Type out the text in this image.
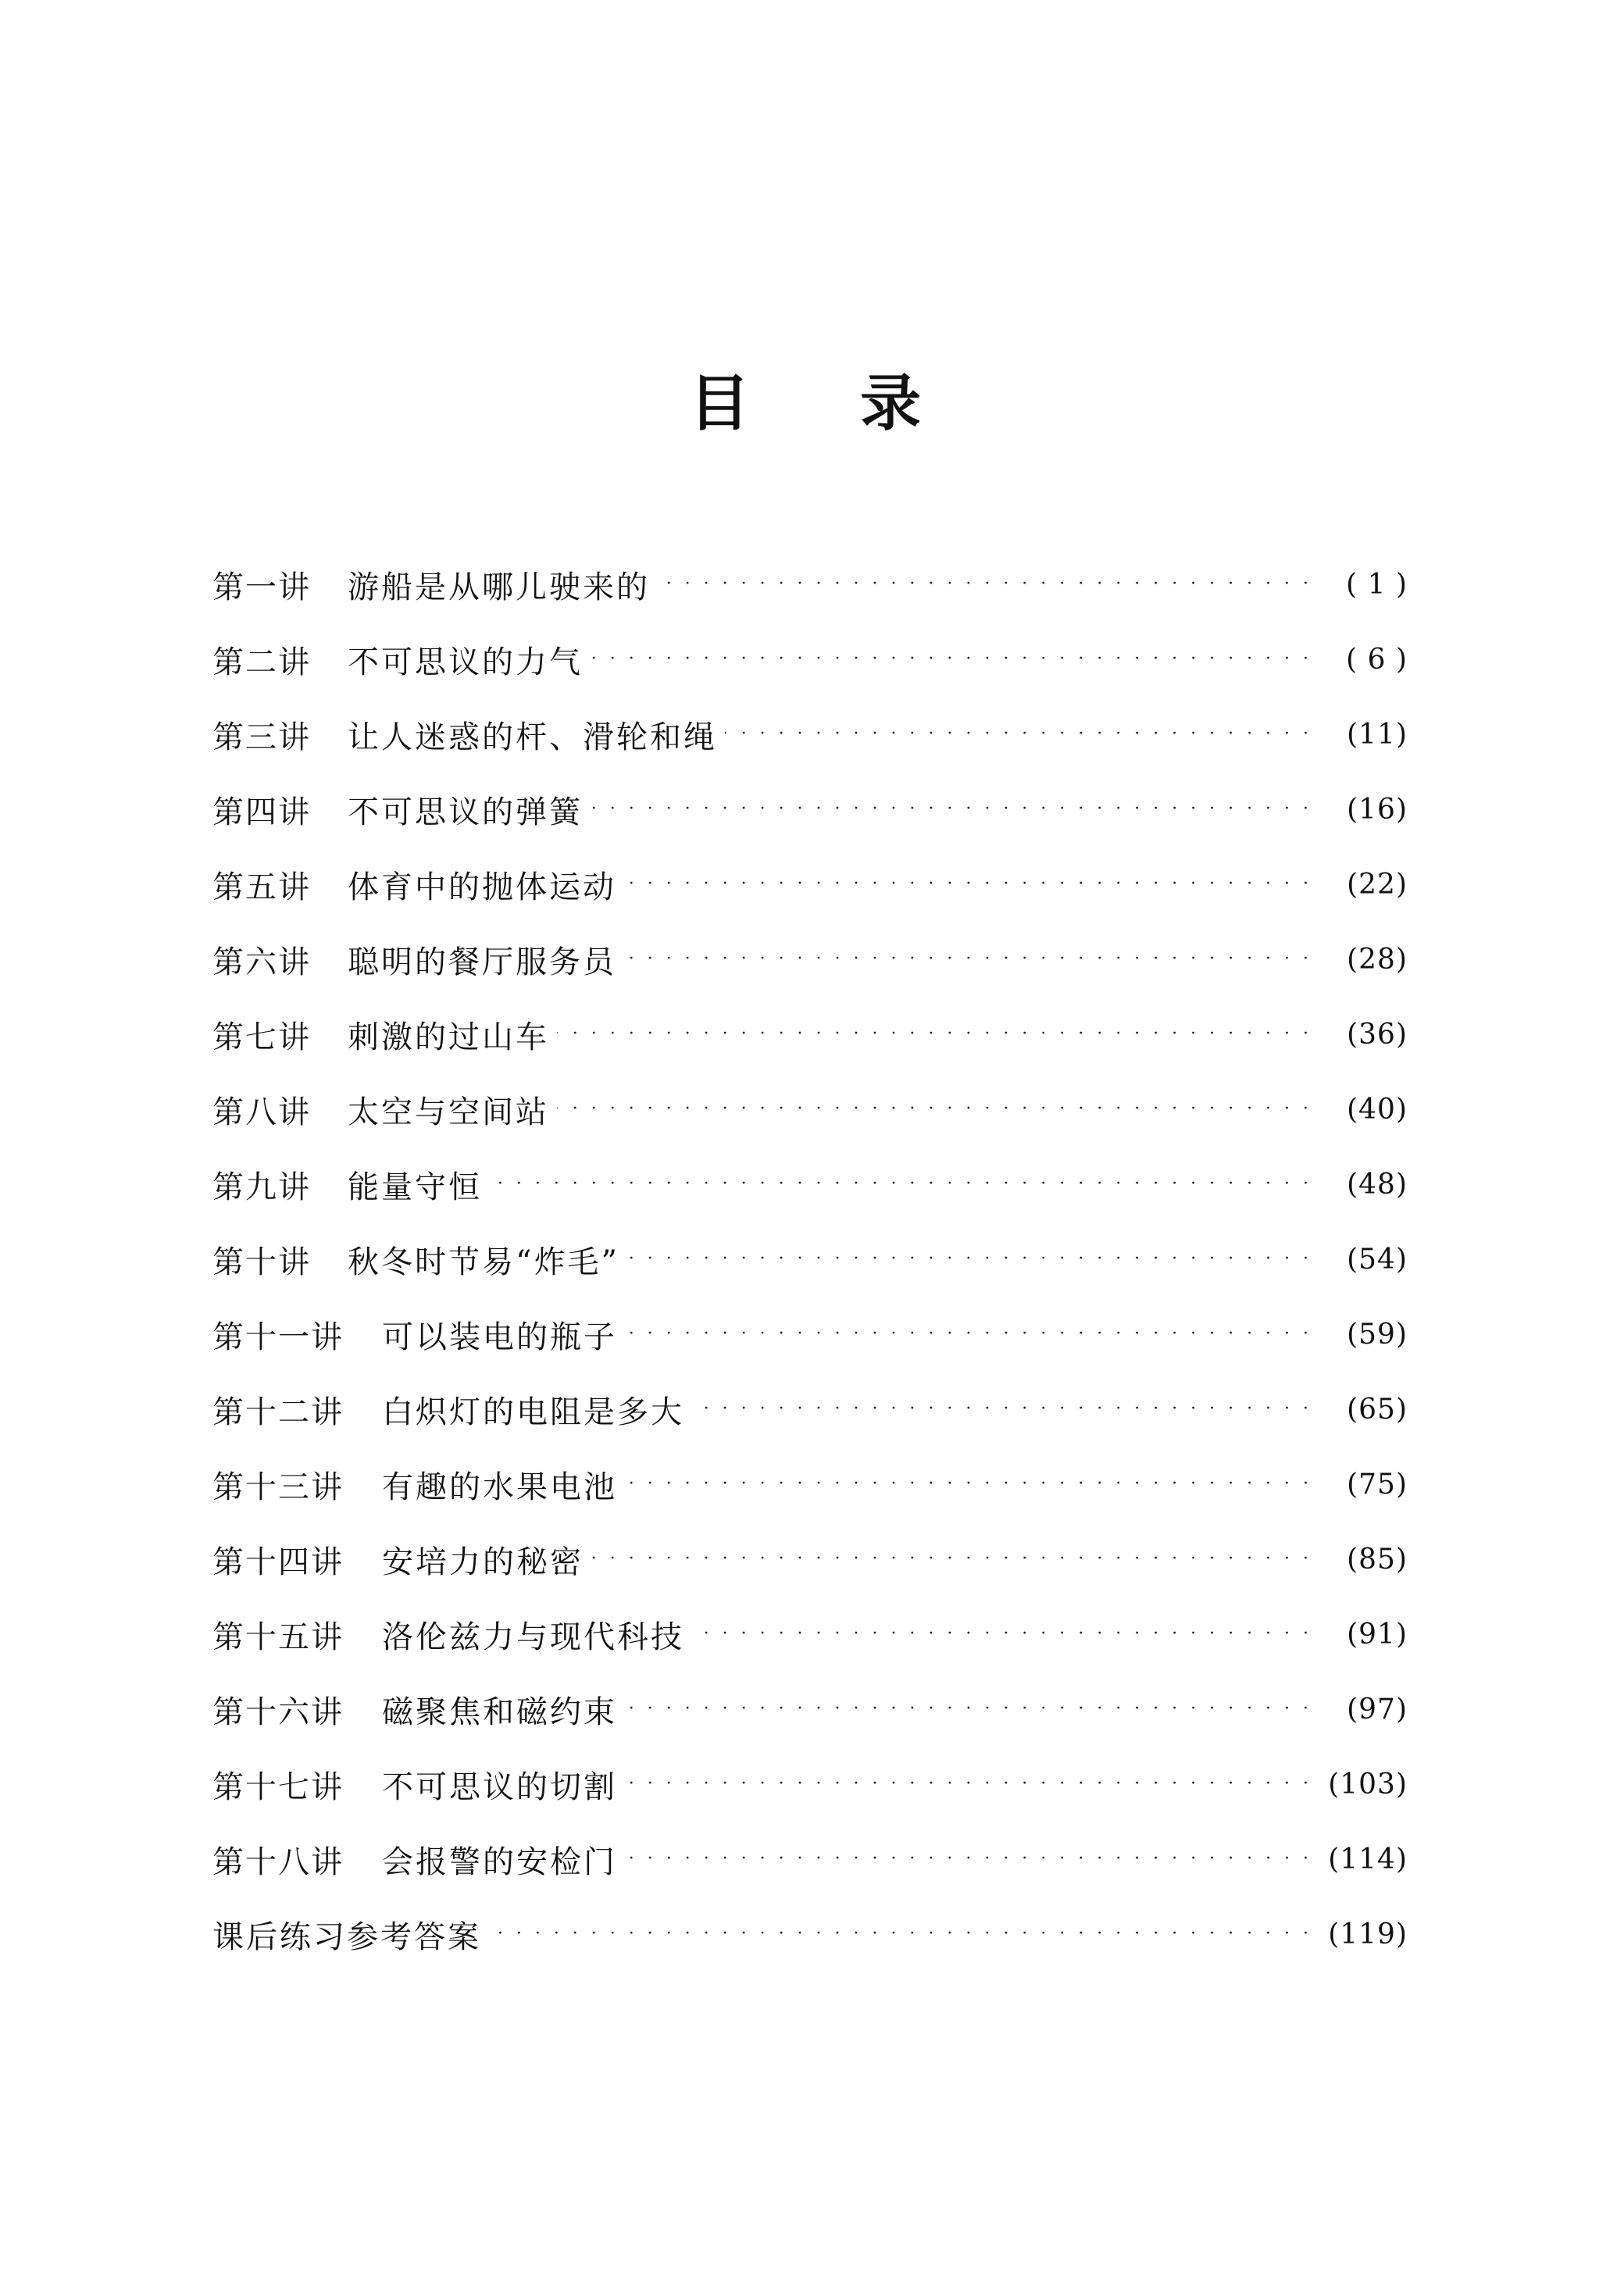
目 录
第一讲	游船是从哪儿驶来的 · ·	( 1 )
第二讲	不可思议的力气 · ·	( 6 )
第三讲	让人迷惑的杆、滑轮和绳 · ·	(11)
第四讲	不可思议的弹簧 · ·	(16)
第五讲	体育中的抛体运动 · ·	(22)
第六讲	聪明的餐厅服务员 · ·	(28)
第七讲	刺激的过山车 · ·	(36)
第八讲	太空与空间站 · ·	(40)
第九讲	能量守恒 · ·	(48)
第十讲	秋冬时节易“炸毛” · ·	(54)
第十一讲	可以装电的瓶子 · ·	(59)
第十二讲	白炽灯的电阻是多大 · ·	(65)
第十三讲	有趣的水果电池 · ·	(75)
第十四讲	安培力的秘密 · ·	(85)
第十五讲	洛伦兹力与现代科技 · ·	(91)
第十六讲	磁聚焦和磁约束 · ·	(97)
第十七讲	不可思议的切割 · ·	(103)
第十八讲	会报警的安检门 · ·	(114)
课后练习参考答案 · ·	(119)
